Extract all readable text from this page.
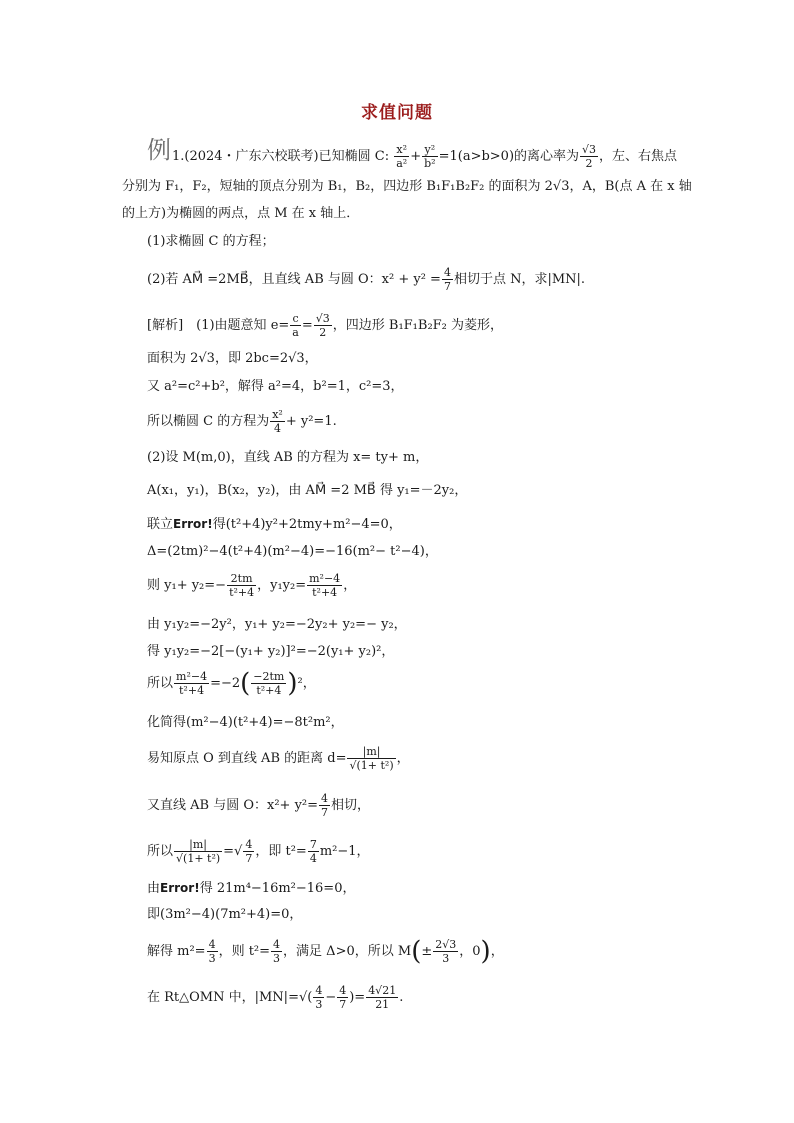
求值问题
例 1.(2024・广东六校联考)已知椭圆 C: $\frac{\text{x²}}{\text{a²}} + \frac{\text{y²}}{\text{b²}} =1(a>b>0)$的离心率为 $\frac{√3}{2}$ ，左、右焦点
分别为 F₁，F₂，短轴的顶点分别为 B₁，B₂，四边形 B₁F₁B₂F₂ 的面积为 2√3，A，B(点 A 在 x 轴
的上方)为椭圆的两点，点 M 在 x 轴上．
(1)求椭圆 C 的方程；
(2)若 AM⃗ =2MB⃗，且直线 AB 与圆 O：$x^2 + y^2 = \frac{4}{7}$ 相切于点 N，求|MN|.
[解析]　(1)由题意知 $e= \frac{c}{a} = \frac{√3}{2}$ ，四边形 B₁F₁B₂F₂ 为菱形，
面积为 2√3，即 2bc=2√3，
又 a²=c²+b²，解得 a²=4，b²=1，c²=3，
所以椭圆 C 的方程为 $\frac{\text{x²}}{4} + y^2=1$.
(2)设 M(m,0)，直线 AB 的方程为 x= ty+ m，
A(x₁，y₁)，B(x₂，y₂)，由 AM⃗ =2 MB⃗ 得 y₁=－2y₂，
联立Error!得(t²+4)y²+2tmy+m²−4=0，
Δ=(2tm)²−4(t²+4)(m²−4)=−16(m²− t²−4)，
则 $y_1+ y_2=- \frac{2tm}{\text{t²+4}}$ ，$y_1y_2= \frac{\text{m²−4}}{\text{t²+4}}$ ，
由 y₁y₂=−2y²，y₁+ y₂=−2y₂+ y₂=− y₂，
得 y₁y₂=−2[−(y₁+ y₂)]²=−2(y₁+ y₂)²，
所以 $\frac{\text{m²−4}}{\text{t²+4}} =-2( \frac{-2tm}{\text{t²+4}} )^2$，
化简得(m²−4)(t²+4)=−8t²m²，
易知原点 O 到直线 AB 的距离 $d= \frac{|m|}{\text{√(1+ t²)}}$ ，
又直线 AB 与圆 O：$x^2+ y^2= \frac{4}{7}$ 相切，
所以 $\frac{|m|}{\text{√(1+ t²)}}$ =√ $\frac{4}{7}$ ，即 $t^2= \frac{7}{4} m^2-1$，
由Error!得 21m⁴−16m²−16=0，
即(3m²−4)(7m²+4)=0，
解得 $m^2= \frac{4}{3}$ ，则 $t^2= \frac{4}{3}$ ，满足 Δ>0，所以 $M(\pm \frac{2√3}{3}$ ，0)，
在 Rt△OMN 中，$|MN|=√( \frac{4}{3} - \frac{4}{7}$ )= $\frac{4√21}{21}$ .
